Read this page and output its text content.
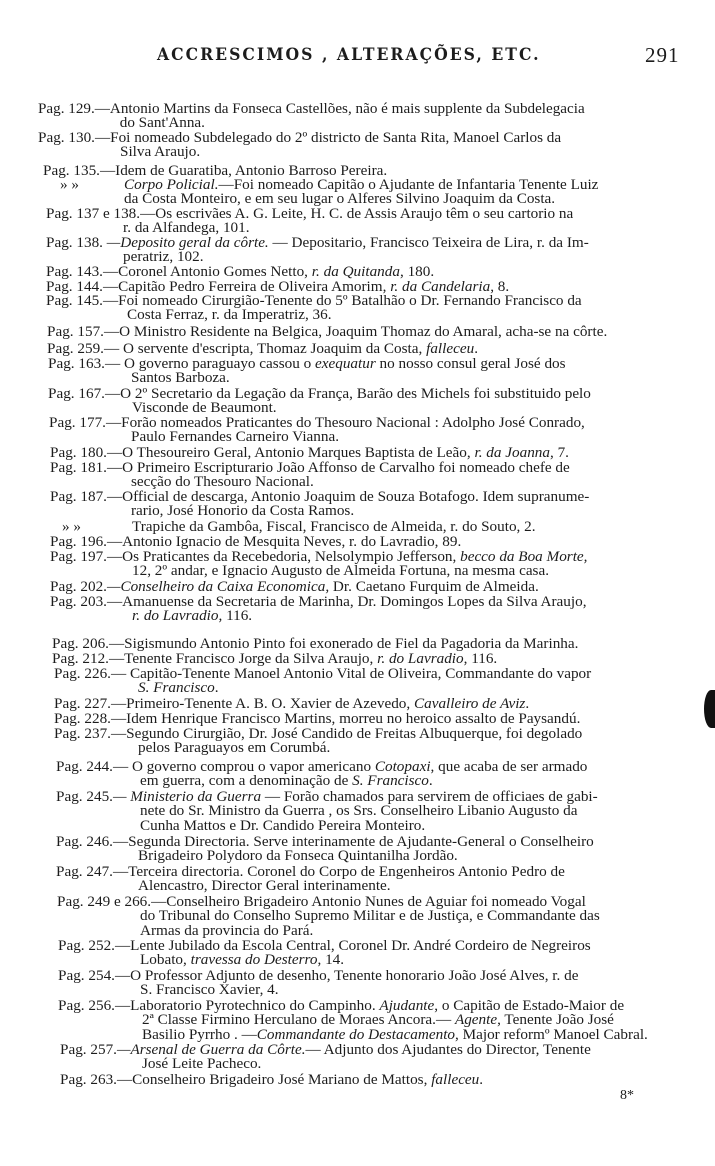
ACCRESCIMOS , ALTERAÇÕES, ETC.	291
Pag. 129.—Antonio Martins da Fonseca Castellões, não é mais supplente da Subdelegacia
do Sant'Anna.
Pag. 130.—Foi nomeado Subdelegado do 2º districto de Santa Rita, Manoel Carlos da
Silva Araujo.
Pag. 135.—Idem de Guaratiba, Antonio Barroso Pereira.
» »	Corpo Policial.—Foi nomeado Capitão o Ajudante de Infantaria Tenente Luiz
da Costa Monteiro, e em seu lugar o Alferes Silvino Joaquim da Costa.
Pag. 137 e 138.—Os escrivães A. G. Leite, H. C. de Assis Araujo têm o seu cartorio na
r. da Alfandega, 101.
Pag. 138. —Deposito geral da côrte. — Depositario, Francisco Teixeira de Lira, r. da Im-
peratriz, 102.
Pag. 143.—Coronel Antonio Gomes Netto, r. da Quitanda, 180.
Pag. 144.—Capitão Pedro Ferreira de Oliveira Amorim, r. da Candelaria, 8.
Pag. 145.—Foi nomeado Cirurgião-Tenente do 5º Batalhão o Dr. Fernando Francisco da
Costa Ferraz, r. da Imperatriz, 36.
Pag. 157.—O Ministro Residente na Belgica, Joaquim Thomaz do Amaral, acha-se na côrte.
Pag. 259.— O servente d'escripta, Thomaz Joaquim da Costa, falleceu.
Pag. 163.— O governo paraguayo cassou o exequatur no nosso consul geral José dos
Santos Barboza.
Pag. 167.—O 2º Secretario da Legação da França, Barão des Michels foi substituido pelo
Visconde de Beaumont.
Pag. 177.—Forão nomeados Praticantes do Thesouro Nacional : Adolpho José Conrado,
Paulo Fernandes Carneiro Vianna.
Pag. 180.—O Thesoureiro Geral, Antonio Marques Baptista de Leão, r. da Joanna, 7.
Pag. 181.—O Primeiro Escripturario João Affonso de Carvalho foi nomeado chefe de
secção do Thesouro Nacional.
Pag. 187.—Official de descarga, Antonio Joaquim de Souza Botafogo. Idem supranume-
rario, José Honorio da Costa Ramos.
» »	Trapiche da Gambôa, Fiscal, Francisco de Almeida, r. do Souto, 2.
Pag. 196.—Antonio Ignacio de Mesquita Neves, r. do Lavradio, 89.
Pag. 197.—Os Praticantes da Recebedoria, Nelsolympio Jefferson, becco da Boa Morte,
12, 2º andar, e Ignacio Augusto de Almeida Fortuna, na mesma casa.
Pag. 202.—Conselheiro da Caixa Economica, Dr. Caetano Furquim de Almeida.
Pag. 203.—Amanuense da Secretaria de Marinha, Dr. Domingos Lopes da Silva Araujo,
r. do Lavradio, 116.
Pag. 206.—Sigismundo Antonio Pinto foi exonerado de Fiel da Pagadoria da Marinha.
Pag. 212.—Tenente Francisco Jorge da Silva Araujo, r. do Lavradio, 116.
Pag. 226.— Capitão-Tenente Manoel Antonio Vital de Oliveira, Commandante do vapor
S. Francisco.
Pag. 227.—Primeiro-Tenente A. B. O. Xavier de Azevedo, Cavalleiro de Aviz.
Pag. 228.—Idem Henrique Francisco Martins, morreu no heroico assalto de Paysandú.
Pag. 237.—Segundo Cirurgião, Dr. José Candido de Freitas Albuquerque, foi degolado
pelos Paraguayos em Corumbá.
Pag. 244.— O governo comprou o vapor americano Cotopaxi, que acaba de ser armado
em guerra, com a denominação de S. Francisco.
Pag. 245.— Ministerio da Guerra — Forão chamados para servirem de officiaes de gabi-
nete do Sr. Ministro da Guerra , os Srs. Conselheiro Libanio Augusto da
Cunha Mattos e Dr. Candido Pereira Monteiro.
Pag. 246.—Segunda Directoria. Serve interinamente de Ajudante-General o Conselheiro
Brigadeiro Polydoro da Fonseca Quintanilha Jordão.
Pag. 247.—Terceira directoria. Coronel do Corpo de Engenheiros Antonio Pedro de
Alencastro, Director Geral interinamente.
Pag. 249 e 266.—Conselheiro Brigadeiro Antonio Nunes de Aguiar foi nomeado Vogal
do Tribunal do Conselho Supremo Militar e de Justiça, e Commandante das
Armas da provincia do Pará.
Pag. 252.—Lente Jubilado da Escola Central, Coronel Dr. André Cordeiro de Negreiros
Lobato, travessa do Desterro, 14.
Pag. 254.—O Professor Adjunto de desenho, Tenente honorario João José Alves, r. de
S. Francisco Xavier, 4.
Pag. 256.—Laboratorio Pyrotechnico do Campinho. Ajudante, o Capitão de Estado-Maior de
2ª Classe Firmino Herculano de Moraes Ancora.— Agente, Tenente João José
Basilio Pyrrho . —Commandante do Destacamento, Major reformº Manoel Cabral.
Pag. 257.—Arsenal de Guerra da Côrte.— Adjunto dos Ajudantes do Director, Tenente
José Leite Pacheco.
Pag. 263.—Conselheiro Brigadeiro José Mariano de Mattos, falleceu.
8*
